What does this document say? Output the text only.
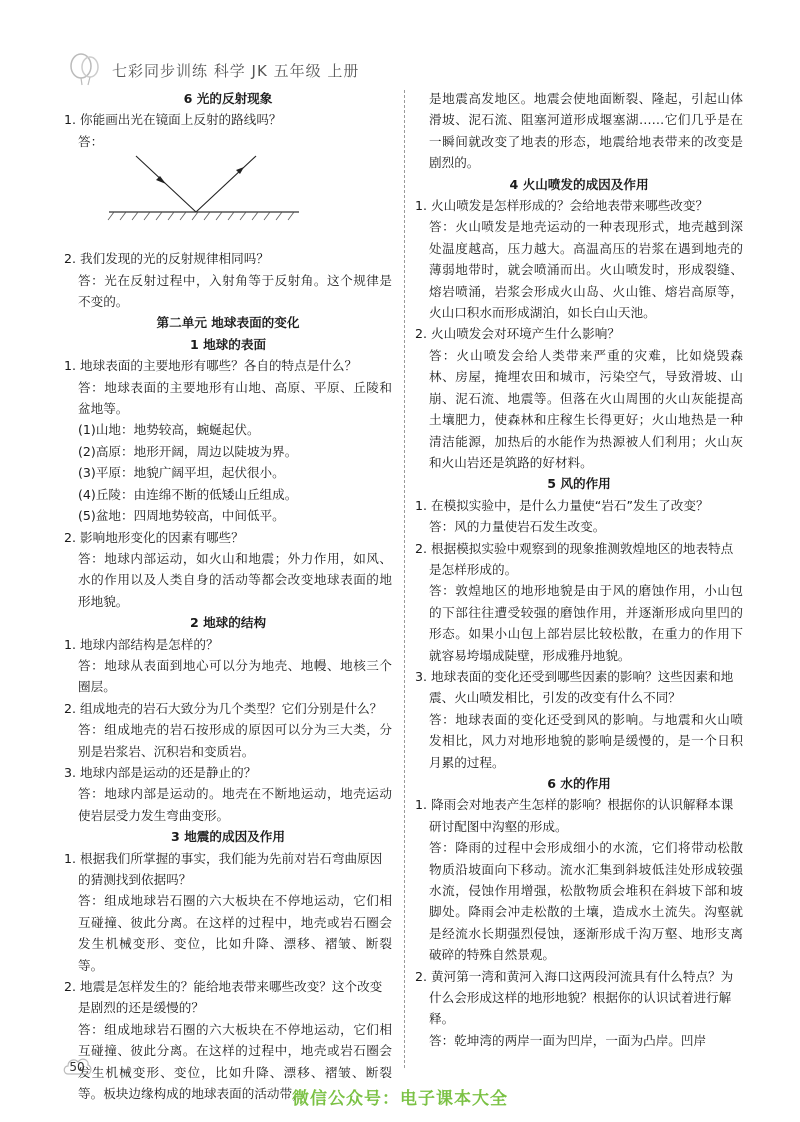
七彩同步训练 科学 JK 五年级 上册

6 光的反射现象

1. 你能画出光在镜面上反射的路线吗？

答：

2. 我们发现的光的反射规律相同吗？

答：光在反射过程中，入射角等于反射角。这个规律是不变的。

第二单元 地球表面的变化

1 地球的表面

1. 地球表面的主要地形有哪些？各自的特点是什么？

答：地球表面的主要地形有山地、高原、平原、丘陵和盆地等。

(1)山地：地势较高，蜿蜒起伏。

(2)高原：地形开阔，周边以陡坡为界。

(3)平原：地貌广阔平坦，起伏很小。

(4)丘陵：由连绵不断的低矮山丘组成。

(5)盆地：四周地势较高，中间低平。

2. 影响地形变化的因素有哪些？

答：地球内部运动，如火山和地震；外力作用，如风、水的作用以及人类自身的活动等都会改变地球表面的地形地貌。

2 地球的结构

1. 地球内部结构是怎样的？

答：地球从表面到地心可以分为地壳、地幔、地核三个圈层。

2. 组成地壳的岩石大致分为几个类型？它们分别是什么？

答：组成地壳的岩石按形成的原因可以分为三大类，分别是岩浆岩、沉积岩和变质岩。

3. 地球内部是运动的还是静止的？

答：地球内部是运动的。地壳在不断地运动，地壳运动使岩层受力发生弯曲变形。

3 地震的成因及作用

1. 根据我们所掌握的事实，我们能为先前对岩石弯曲原因的猜测找到依据吗？

答：组成地球岩石圈的六大板块在不停地运动，它们相互碰撞、彼此分离。在这样的过程中，地壳或岩石圈会发生机械变形、变位，比如升降、漂移、褶皱、断裂等。

2. 地震是怎样发生的？能给地表带来哪些改变？这个改变是剧烈的还是缓慢的？

答：组成地球岩石圈的六大板块在不停地运动，它们相互碰撞、彼此分离。在这样的过程中，地壳或岩石圈会发生机械变形、变位，比如升降、漂移、褶皱、断裂等。板块边缘构成的地球表面的活动带，

是地震高发地区。地震会使地面断裂、隆起，引起山体滑坡、泥石流、阻塞河道形成堰塞湖……它们几乎是在一瞬间就改变了地表的形态，地震给地表带来的改变是剧烈的。

4 火山喷发的成因及作用

1. 火山喷发是怎样形成的？会给地表带来哪些改变？

答：火山喷发是地壳运动的一种表现形式，地壳越到深处温度越高，压力越大。高温高压的岩浆在遇到地壳的薄弱地带时，就会喷涌而出。火山喷发时，形成裂缝、熔岩喷涌，岩浆会形成火山岛、火山锥、熔岩高原等，火山口积水而形成湖泊，如长白山天池。

2. 火山喷发会对环境产生什么影响？

答：火山喷发会给人类带来严重的灾难，比如烧毁森林、房屋，掩埋农田和城市，污染空气，导致滑坡、山崩、泥石流、地震等。但落在火山周围的火山灰能提高土壤肥力，使森林和庄稼生长得更好；火山地热是一种清洁能源，加热后的水能作为热源被人们利用；火山灰和火山岩还是筑路的好材料。

5 风的作用

1. 在模拟实验中，是什么力量使“岩石”发生了改变？

答：风的力量使岩石发生改变。

2. 根据模拟实验中观察到的现象推测敦煌地区的地表特点是怎样形成的。

答：敦煌地区的地形地貌是由于风的磨蚀作用，小山包的下部往往遭受较强的磨蚀作用，并逐渐形成向里凹的形态。如果小山包上部岩层比较松散，在重力的作用下就容易垮塌成陡壁，形成雅丹地貌。

3. 地球表面的变化还受到哪些因素的影响？这些因素和地震、火山喷发相比，引发的改变有什么不同？

答：地球表面的变化还受到风的影响。与地震和火山喷发相比，风力对地形地貌的影响是缓慢的，是一个日积月累的过程。

6 水的作用

1. 降雨会对地表产生怎样的影响？根据你的认识解释本课研讨配图中沟壑的形成。

答：降雨的过程中会形成细小的水流，它们将带动松散物质沿坡面向下移动。流水汇集到斜坡低洼处形成较强水流，侵蚀作用增强，松散物质会堆积在斜坡下部和坡脚处。降雨会冲走松散的土壤，造成水土流失。沟壑就是经流水长期强烈侵蚀，逐渐形成千沟万壑、地形支离破碎的特殊自然景观。

2. 黄河第一湾和黄河入海口这两段河流具有什么特点？为什么会形成这样的地形地貌？根据你的认识试着进行解释。

答：乾坤湾的两岸一面为凹岸，一面为凸岸。凹岸

50
微信公众号：电子课本大全
